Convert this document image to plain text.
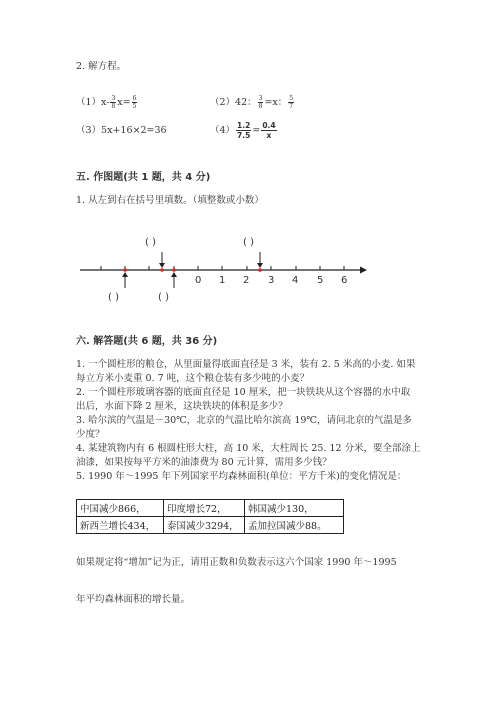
2. 解方程。
$(1)x- \frac{3}{8} x= \frac{6}{5}$	（2）42： $\frac{3}{8} =x$： $\frac{5}{7}$
（3）5x+16×2=36	$(4) \frac{1.2}{7.5} = \frac{0.4}{x}$
五. 作图题(共 1 题，共 4 分)
1. 从左到右在括号里填数。（填整数或小数）
( )	( )
0 1 2 3 4 5 6
( )	( )
六. 解答题(共 6 题，共 36 分)
1. 一个圆柱形的粮仓，从里面量得底面直径是 3 米，装有 2. 5 米高的小麦. 如果
每立方米小麦重 0. 7 吨，这个粮仓装有多少吨的小麦？
2. 一个圆柱形玻璃容器的底面直径是 10 厘米，把一块铁块从这个容器的水中取
出后，水面下降 2 厘米，这块铁块的体积是多少？
3. 哈尔滨的气温是－30℃，北京的气温比哈尔滨高 19℃，请问北京的气温是多
少度？
4. 某建筑物内有 6 根圆柱形大柱，高 10 米，大柱周长 25. 12 分米，要全部涂上
油漆，如果按每平方米的油漆费为 80 元计算，需用多少钱？
5. 1990 年～1995 年下列国家平均森林面积(单位：平方千米)的变化情况是：
中国减少866，	印度增长72，	韩国减少130，
新西兰增长434，	泰国减少3294，	孟加拉国减少88。
如果规定将“增加”记为正，请用正数和负数表示这六个国家 1990 年～1995
年平均森林面积的增长量。
